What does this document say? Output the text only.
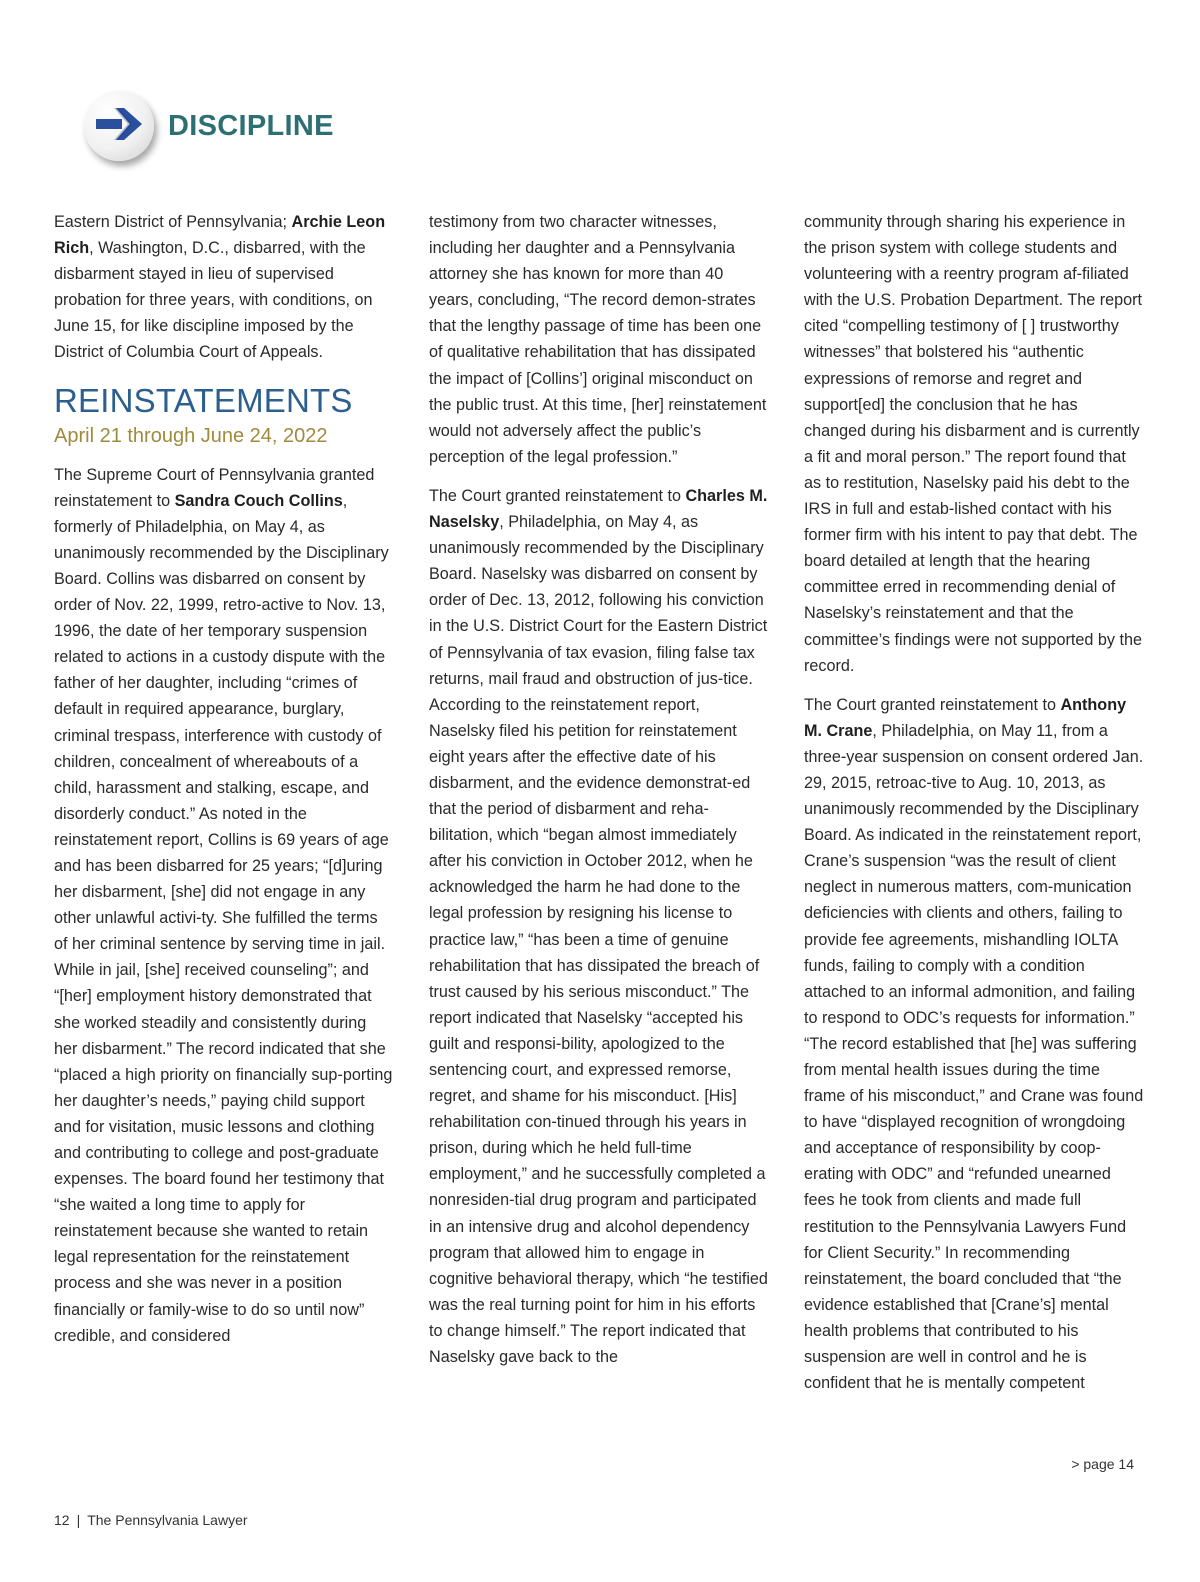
DISCIPLINE

Eastern District of Pennsylvania; Archie Leon Rich, Washington, D.C., disbarred, with the disbarment stayed in lieu of supervised probation for three years, with conditions, on June 15, for like discipline imposed by the District of Columbia Court of Appeals.

REINSTATEMENTS
April 21 through June 24, 2022

The Supreme Court of Pennsylvania granted reinstatement to Sandra Couch Collins, formerly of Philadelphia, on May 4, as unanimously recommended by the Disciplinary Board. Collins was disbarred on consent by order of Nov. 22, 1999, retro-active to Nov. 13, 1996, the date of her temporary suspension related to actions in a custody dispute with the father of her daughter, including “crimes of default in required appearance, burglary, criminal trespass, interference with custody of children, concealment of whereabouts of a child, harassment and stalking, escape, and disorderly conduct.” As noted in the reinstatement report, Collins is 69 years of age and has been disbarred for 25 years; “[d]uring her disbarment, [she] did not engage in any other unlawful activi-ty. She fulfilled the terms of her criminal sentence by serving time in jail. While in jail, [she] received counseling”; and “[her] employment history demonstrated that she worked steadily and consistently during her disbarment.” The record indicated that she “placed a high priority on financially sup-porting her daughter’s needs,” paying child support and for visitation, music lessons and clothing and contributing to college and post-graduate expenses. The board found her testimony that “she waited a long time to apply for reinstatement because she wanted to retain legal representation for the reinstatement process and she was never in a position financially or family-wise to do so until now” credible, and considered

testimony from two character witnesses, including her daughter and a Pennsylvania attorney she has known for more than 40 years, concluding, “The record demon-strates that the lengthy passage of time has been one of qualitative rehabilitation that has dissipated the impact of [Collins’] original misconduct on the public trust. At this time, [her] reinstatement would not adversely affect the public’s perception of the legal profession.”

The Court granted reinstatement to Charles M. Naselsky, Philadelphia, on May 4, as unanimously recommended by the Disciplinary Board. Naselsky was disbarred on consent by order of Dec. 13, 2012, following his conviction in the U.S. District Court for the Eastern District of Pennsylvania of tax evasion, filing false tax returns, mail fraud and obstruction of jus-tice. According to the reinstatement report, Naselsky filed his petition for reinstatement eight years after the effective date of his disbarment, and the evidence demonstrat-ed that the period of disbarment and reha-bilitation, which “began almost immediately after his conviction in October 2012, when he acknowledged the harm he had done to the legal profession by resigning his license to practice law,” “has been a time of genuine rehabilitation that has dissipated the breach of trust caused by his serious misconduct.” The report indicated that Naselsky “accepted his guilt and responsi-bility, apologized to the sentencing court, and expressed remorse, regret, and shame for his misconduct. [His] rehabilitation con-tinued through his years in prison, during which he held full-time employment,” and he successfully completed a nonresiden-tial drug program and participated in an intensive drug and alcohol dependency program that allowed him to engage in cognitive behavioral therapy, which “he testified was the real turning point for him in his efforts to change himself.” The report indicated that Naselsky gave back to the

community through sharing his experience in the prison system with college students and volunteering with a reentry program af-filiated with the U.S. Probation Department. The report cited “compelling testimony of [ ] trustworthy witnesses” that bolstered his “authentic expressions of remorse and regret and support[ed] the conclusion that he has changed during his disbarment and is currently a fit and moral person.” The report found that as to restitution, Naselsky paid his debt to the IRS in full and estab-lished contact with his former firm with his intent to pay that debt. The board detailed at length that the hearing committee erred in recommending denial of Naselsky’s reinstatement and that the committee’s findings were not supported by the record.

The Court granted reinstatement to Anthony M. Crane, Philadelphia, on May 11, from a three-year suspension on consent ordered Jan. 29, 2015, retroac-tive to Aug. 10, 2013, as unanimously recommended by the Disciplinary Board. As indicated in the reinstatement report, Crane’s suspension “was the result of client neglect in numerous matters, com-munication deficiencies with clients and others, failing to provide fee agreements, mishandling IOLTA funds, failing to comply with a condition attached to an informal admonition, and failing to respond to ODC’s requests for information.” “The record established that [he] was suffering from mental health issues during the time frame of his misconduct,” and Crane was found to have “displayed recognition of wrongdoing and acceptance of responsibility by coop-erating with ODC” and “refunded unearned fees he took from clients and made full restitution to the Pennsylvania Lawyers Fund for Client Security.” In recommending reinstatement, the board concluded that “the evidence established that [Crane’s] mental health problems that contributed to his suspension are well in control and he is confident that he is mentally competent

> page 14
12 | The Pennsylvania Lawyer
